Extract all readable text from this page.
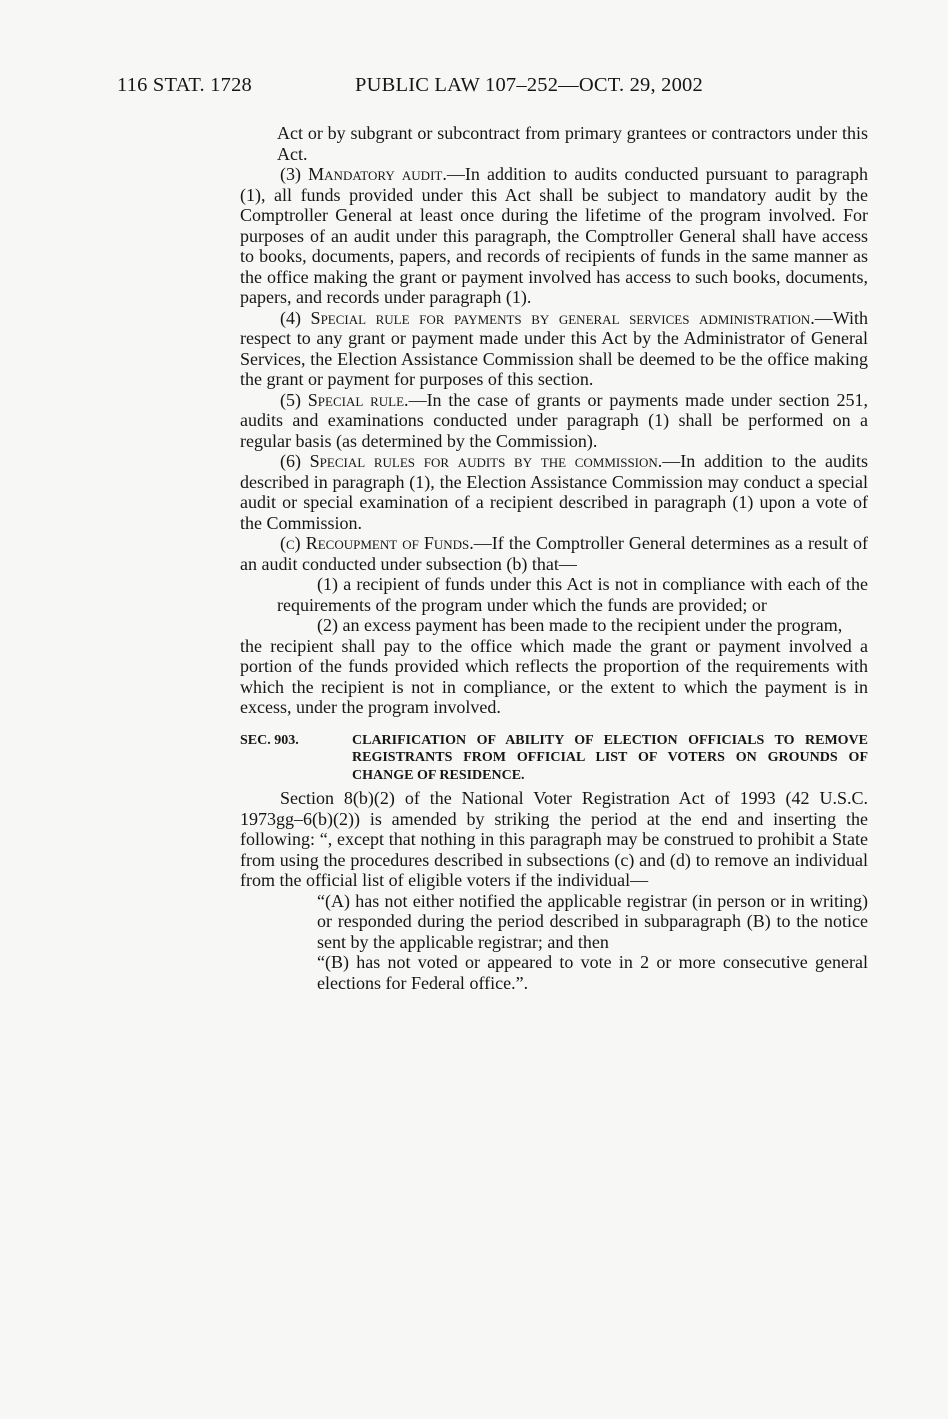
116 STAT. 1728	PUBLIC LAW 107–252—OCT. 29, 2002

Act or by subgrant or subcontract from primary grantees or contractors under this Act.

(3) Mandatory audit.—In addition to audits conducted pursuant to paragraph (1), all funds provided under this Act shall be subject to mandatory audit by the Comptroller General at least once during the lifetime of the program involved. For purposes of an audit under this paragraph, the Comptroller General shall have access to books, documents, papers, and records of recipients of funds in the same manner as the office making the grant or payment involved has access to such books, documents, papers, and records under paragraph (1).

(4) Special rule for payments by general services administration.—With respect to any grant or payment made under this Act by the Administrator of General Services, the Election Assistance Commission shall be deemed to be the office making the grant or payment for purposes of this section.

(5) Special rule.—In the case of grants or payments made under section 251, audits and examinations conducted under paragraph (1) shall be performed on a regular basis (as determined by the Commission).

(6) Special rules for audits by the commission.—In addition to the audits described in paragraph (1), the Election Assistance Commission may conduct a special audit or special examination of a recipient described in paragraph (1) upon a vote of the Commission.

(c) Recoupment of Funds.—If the Comptroller General determines as a result of an audit conducted under subsection (b) that—

(1) a recipient of funds under this Act is not in compliance with each of the requirements of the program under which the funds are provided; or

(2) an excess payment has been made to the recipient under the program,

the recipient shall pay to the office which made the grant or payment involved a portion of the funds provided which reflects the proportion of the requirements with which the recipient is not in compliance, or the extent to which the payment is in excess, under the program involved.

SEC. 903.	CLARIFICATION OF ABILITY OF ELECTION OFFICIALS TO REMOVE REGISTRANTS FROM OFFICIAL LIST OF VOTERS ON GROUNDS OF CHANGE OF RESIDENCE.

Section 8(b)(2) of the National Voter Registration Act of 1993 (42 U.S.C. 1973gg–6(b)(2)) is amended by striking the period at the end and inserting the following: “, except that nothing in this paragraph may be construed to prohibit a State from using the procedures described in subsections (c) and (d) to remove an individual from the official list of eligible voters if the individual—

“(A) has not either notified the applicable registrar (in person or in writing) or responded during the period described in subparagraph (B) to the notice sent by the applicable registrar; and then

“(B) has not voted or appeared to vote in 2 or more consecutive general elections for Federal office.”.
